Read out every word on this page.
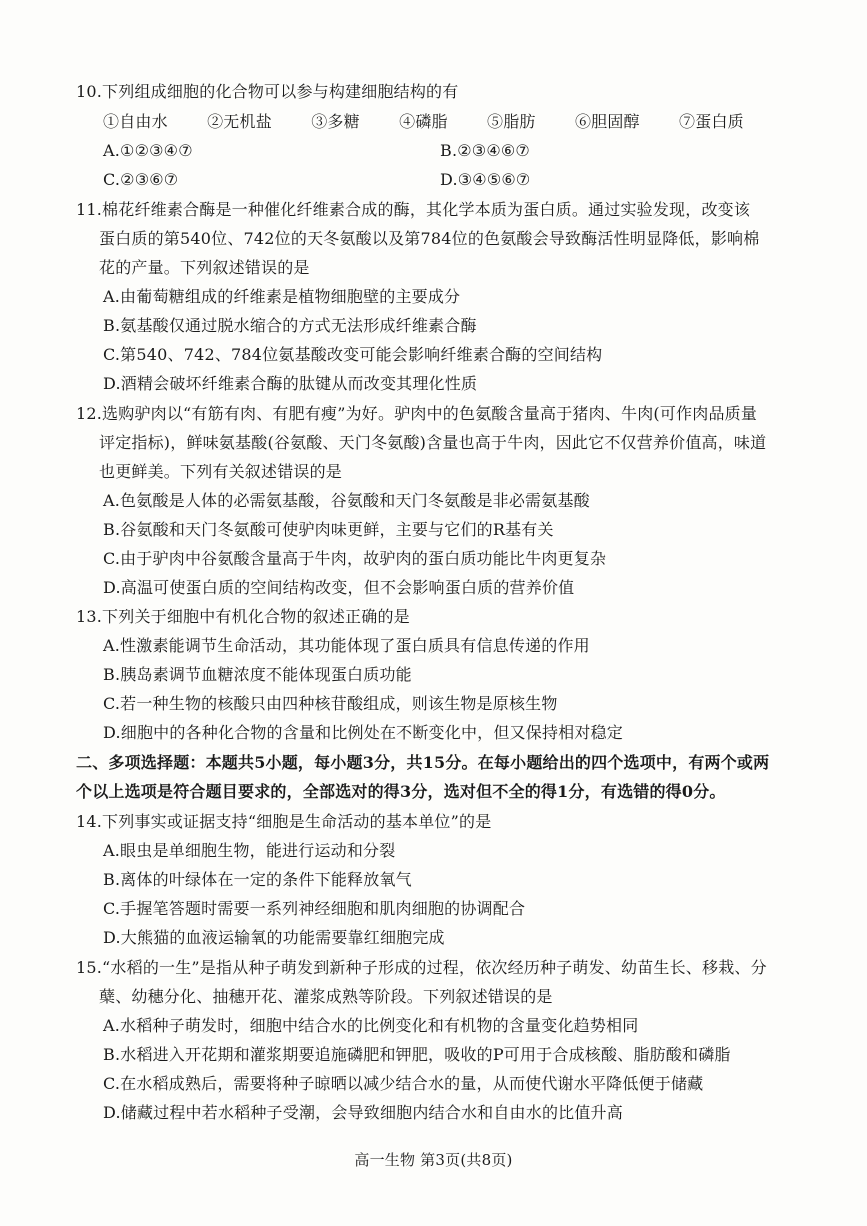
10.下列组成细胞的化合物可以参与构建细胞结构的有
①自由水 ②无机盐 ③多糖 ④磷脂 ⑤脂肪 ⑥胆固醇 ⑦蛋白质
A.①②③④⑦	B.②③④⑥⑦
C.②③⑥⑦	D.③④⑤⑥⑦
11.棉花纤维素合酶是一种催化纤维素合成的酶，其化学本质为蛋白质。通过实验发现，改变该
蛋白质的第540位、742位的天冬氨酸以及第784位的色氨酸会导致酶活性明显降低，影响棉
花的产量。下列叙述错误的是
A.由葡萄糖组成的纤维素是植物细胞壁的主要成分
B.氨基酸仅通过脱水缩合的方式无法形成纤维素合酶
C.第540、742、784位氨基酸改变可能会影响纤维素合酶的空间结构
D.酒精会破坏纤维素合酶的肽键从而改变其理化性质
12.选购驴肉以“有筋有肉、有肥有瘦”为好。驴肉中的色氨酸含量高于猪肉、牛肉(可作肉品质量
评定指标)，鲜味氨基酸(谷氨酸、天门冬氨酸)含量也高于牛肉，因此它不仅营养价值高，味道
也更鲜美。下列有关叙述错误的是
A.色氨酸是人体的必需氨基酸，谷氨酸和天门冬氨酸是非必需氨基酸
B.谷氨酸和天门冬氨酸可使驴肉味更鲜，主要与它们的R基有关
C.由于驴肉中谷氨酸含量高于牛肉，故驴肉的蛋白质功能比牛肉更复杂
D.高温可使蛋白质的空间结构改变，但不会影响蛋白质的营养价值
13.下列关于细胞中有机化合物的叙述正确的是
A.性激素能调节生命活动，其功能体现了蛋白质具有信息传递的作用
B.胰岛素调节血糖浓度不能体现蛋白质功能
C.若一种生物的核酸只由四种核苷酸组成，则该生物是原核生物
D.细胞中的各种化合物的含量和比例处在不断变化中，但又保持相对稳定
二、多项选择题：本题共5小题，每小题3分，共15分。在每小题给出的四个选项中，有两个或两
个以上选项是符合题目要求的，全部选对的得3分，选对但不全的得1分，有选错的得0分。
14.下列事实或证据支持“细胞是生命活动的基本单位”的是
A.眼虫是单细胞生物，能进行运动和分裂
B.离体的叶绿体在一定的条件下能释放氧气
C.手握笔答题时需要一系列神经细胞和肌肉细胞的协调配合
D.大熊猫的血液运输氧的功能需要靠红细胞完成
15.“水稻的一生”是指从种子萌发到新种子形成的过程，依次经历种子萌发、幼苗生长、移栽、分
蘖、幼穗分化、抽穗开花、灌浆成熟等阶段。下列叙述错误的是
A.水稻种子萌发时，细胞中结合水的比例变化和有机物的含量变化趋势相同
B.水稻进入开花期和灌浆期要追施磷肥和钾肥，吸收的P可用于合成核酸、脂肪酸和磷脂
C.在水稻成熟后，需要将种子晾晒以减少结合水的量，从而使代谢水平降低便于储藏
D.储藏过程中若水稻种子受潮，会导致细胞内结合水和自由水的比值升高
高一生物 第3页(共8页)
